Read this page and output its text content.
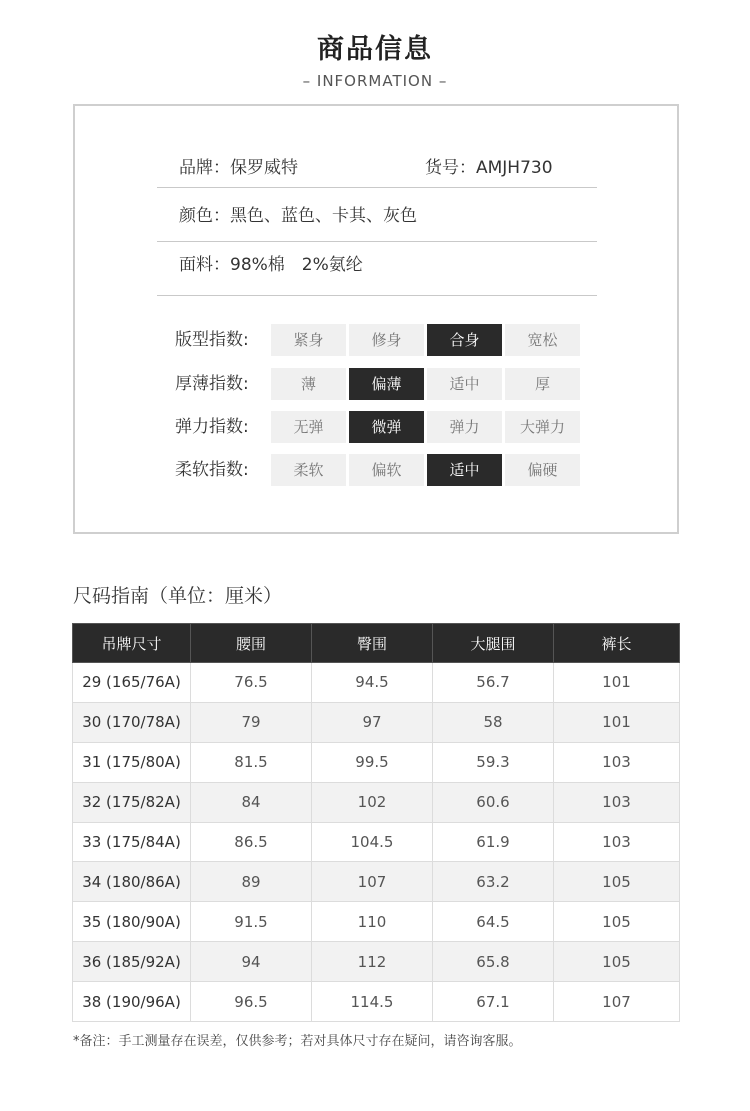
商品信息
– INFORMATION –
品牌：保罗威特	货号：AMJH730
颜色：黑色、蓝色、卡其、灰色
面料：98%棉　2%氨纶
版型指数:	紧身	修身	合身	宽松
厚薄指数:	薄	偏薄	适中	厚
弹力指数:	无弹	微弹	弹力	大弹力
柔软指数:	柔软	偏软	适中	偏硬
尺码指南（单位：厘米）
吊牌尺寸	腰围	臀围	大腿围	裤长
29 (165/76A)	76.5	94.5	56.7	101
30 (170/78A)	79	97	58	101
31 (175/80A)	81.5	99.5	59.3	103
32 (175/82A)	84	102	60.6	103
33 (175/84A)	86.5	104.5	61.9	103
34 (180/86A)	89	107	63.2	105
35 (180/90A)	91.5	110	64.5	105
36 (185/92A)	94	112	65.8	105
38 (190/96A)	96.5	114.5	67.1	107
*备注：手工测量存在误差，仅供参考；若对具体尺寸存在疑问，请咨询客服。
